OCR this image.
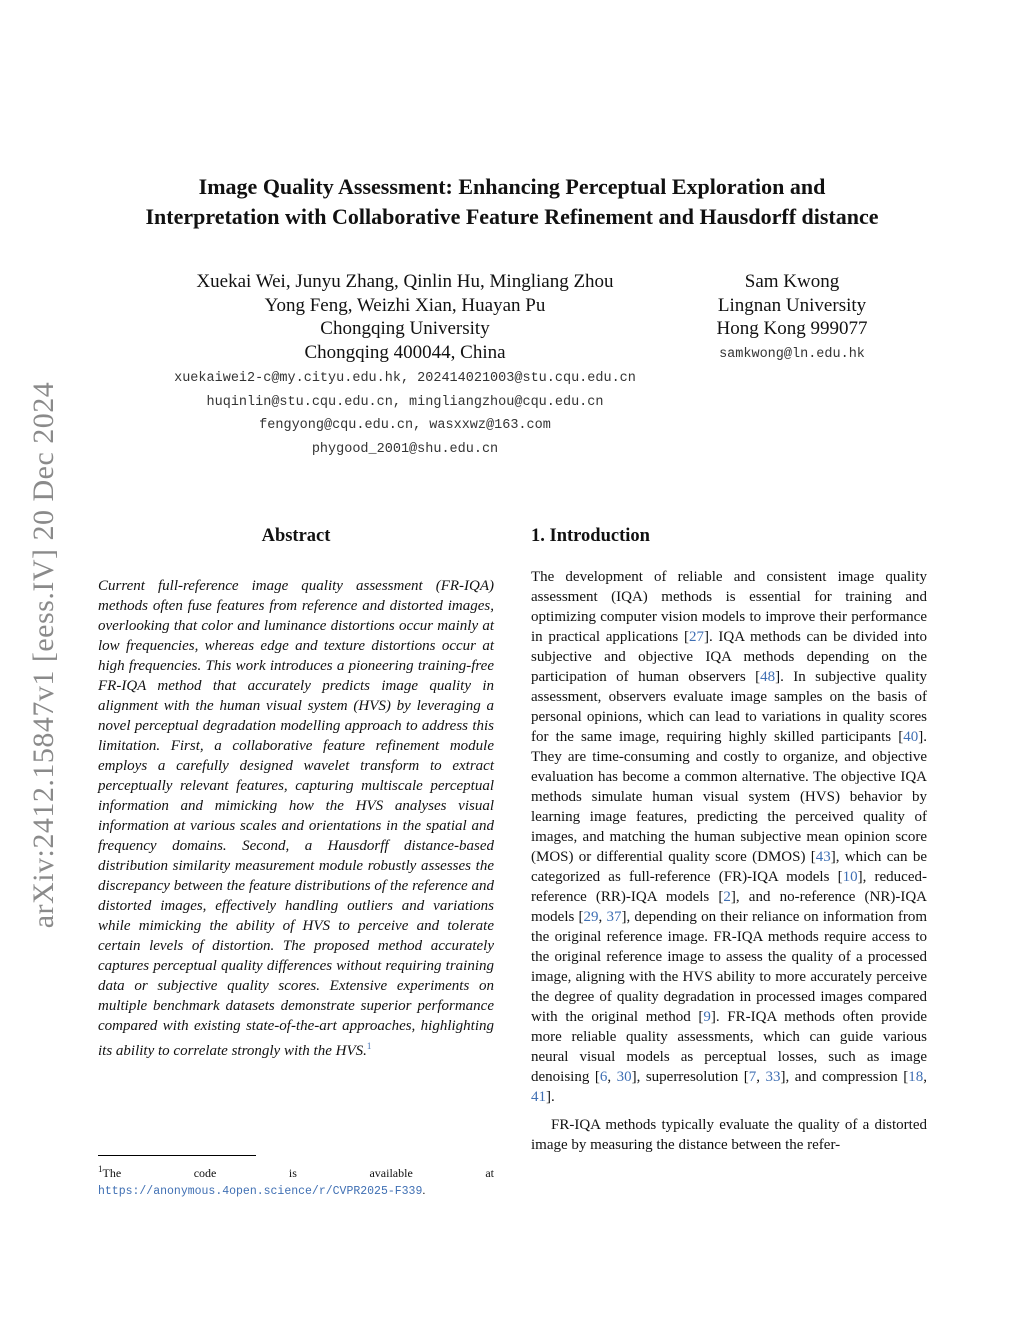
arXiv:2412.15847v1 [eess.IV] 20 Dec 2024
Image Quality Assessment: Enhancing Perceptual Exploration and
Interpretation with Collaborative Feature Refinement and Hausdorff distance
Xuekai Wei, Junyu Zhang, Qinlin Hu, Mingliang Zhou
Yong Feng, Weizhi Xian, Huayan Pu
Chongqing University
Chongqing 400044, China
xuekaiwei2-c@my.cityu.edu.hk, 202414021003@stu.cqu.edu.cn
huqinlin@stu.cqu.edu.cn, mingliangzhou@cqu.edu.cn
fengyong@cqu.edu.cn, wasxxwz@163.com
phygood_2001@shu.edu.cn
Sam Kwong
Lingnan University
Hong Kong 999077
samkwong@ln.edu.hk
Abstract
Current full-reference image quality assessment (FR-IQA) methods often fuse features from reference and distorted images, overlooking that color and luminance distortions occur mainly at low frequencies, whereas edge and texture distortions occur at high frequencies. This work introduces a pioneering training-free FR-IQA method that accurately predicts image quality in alignment with the human visual system (HVS) by leveraging a novel perceptual degradation modelling approach to address this limitation. First, a collaborative feature refinement module employs a carefully designed wavelet transform to extract perceptually relevant features, capturing multiscale perceptual information and mimicking how the HVS analyses visual information at various scales and orientations in the spatial and frequency domains. Second, a Hausdorff distance-based distribution similarity measurement module robustly assesses the discrepancy between the feature distributions of the reference and distorted images, effectively handling outliers and variations while mimicking the ability of HVS to perceive and tolerate certain levels of distortion. The proposed method accurately captures perceptual quality differences without requiring training data or subjective quality scores. Extensive experiments on multiple benchmark datasets demonstrate superior performance compared with existing state-of-the-art approaches, highlighting its ability to correlate strongly with the HVS.$^1$
1. Introduction

The development of reliable and consistent image quality assessment (IQA) methods is essential for training and optimizing computer vision models to improve their performance in practical applications [27]. IQA methods can be divided into subjective and objective IQA methods depending on the participation of human observers [48]. In subjective quality assessment, observers evaluate image samples on the basis of personal opinions, which can lead to variations in quality scores for the same image, requiring highly skilled participants [40]. They are time-consuming and costly to organize, and objective evaluation has become a common alternative. The objective IQA methods simulate human visual system (HVS) behavior by learning image features, predicting the perceived quality of images, and matching the human subjective mean opinion score (MOS) or differential quality score (DMOS) [43], which can be categorized as full-reference (FR)-IQA models [10], reduced-reference (RR)-IQA models [2], and no-reference (NR)-IQA models [29, 37], depending on their reliance on information from the original reference image. FR-IQA methods require access to the original reference image to assess the quality of a processed image, aligning with the HVS ability to more accurately perceive the degree of quality degradation in processed images compared with the original method [9]. FR-IQA methods often provide more reliable quality assessments, which can guide various neural visual models as perceptual losses, such as image denoising [6, 30], superresolution [7, 33], and compression [18, 41].

FR-IQA methods typically evaluate the quality of a distorted image by measuring the distance between the refer-

$^1$The code is available at https://anonymous.4open.science/r/CVPR2025-F339.
